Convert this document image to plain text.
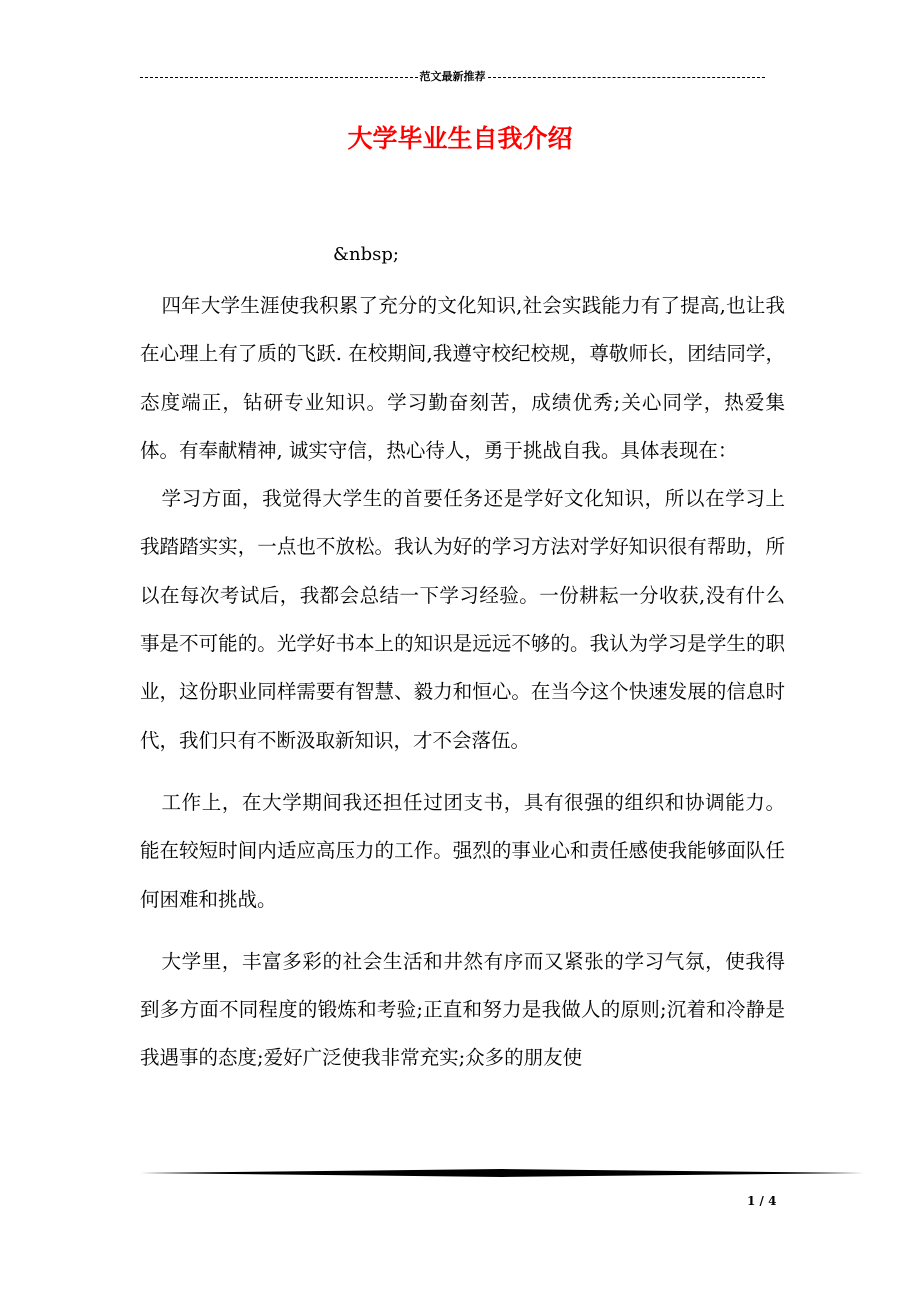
范文最新推荐
大学毕业生自我介绍
&nbsp;

四年大学生涯使我积累了充分的文化知识,社会实践能力有了提高,也让我在心理上有了质的飞跃. 在校期间,我遵守校纪校规，尊敬师长，团结同学，态度端正，钻研专业知识。学习勤奋刻苦，成绩优秀;关心同学，热爱集体。有奉献精神, 诚实守信，热心待人，勇于挑战自我。具体表现在：

学习方面，我觉得大学生的首要任务还是学好文化知识，所以在学习上我踏踏实实，一点也不放松。我认为好的学习方法对学好知识很有帮助，所以在每次考试后，我都会总结一下学习经验。一份耕耘一分收获,没有什么事是不可能的。光学好书本上的知识是远远不够的。我认为学习是学生的职业，这份职业同样需要有智慧、毅力和恒心。在当今这个快速发展的信息时代，我们只有不断汲取新知识，才不会落伍。

工作上，在大学期间我还担任过团支书，具有很强的组织和协调能力。能在较短时间内适应高压力的工作。强烈的事业心和责任感使我能够面队任何困难和挑战。

大学里，丰富多彩的社会生活和井然有序而又紧张的学习气氛，使我得到多方面不同程度的锻炼和考验;正直和努力是我做人的原则;沉着和冷静是我遇事的态度;爱好广泛使我非常充实;众多的朋友使

1 / 4
